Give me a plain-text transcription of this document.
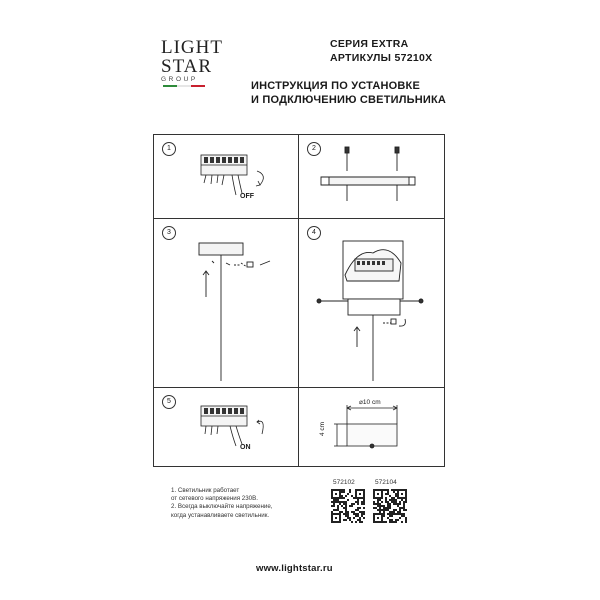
LIGHT
STAR
GROUP
СЕРИЯ EXTRA
АРТИКУЛЫ 57210X
ИНСТРУКЦИЯ ПО УСТАНОВКЕ
И ПОДКЛЮЧЕНИЮ СВЕТИЛЬНИКА
1
OFF
2
3	4
5
ON
⌀10 cm
4 cm
1. Светильник работает
от сетевого напряжения 230В.
2. Всегда выключайте напряжение,
когда устанавливаете светильник.
572102	572104
www.lightstar.ru
